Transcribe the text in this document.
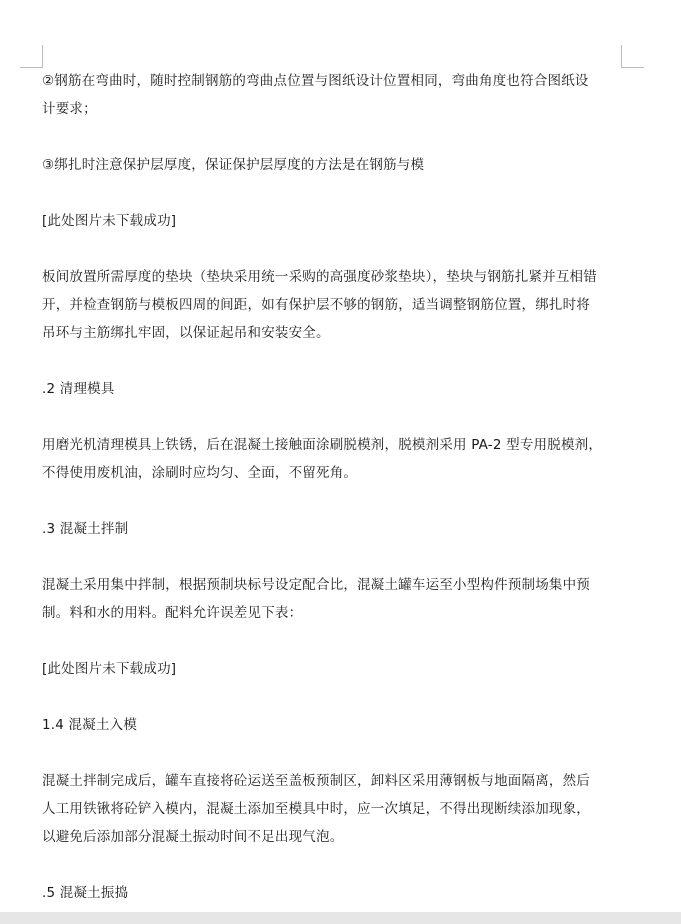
②钢筋在弯曲时，随时控制钢筋的弯曲点位置与图纸设计位置相同，弯曲角度也符合图纸设
计要求；
③绑扎时注意保护层厚度，保证保护层厚度的方法是在钢筋与模
[此处图片未下载成功]
板间放置所需厚度的垫块（垫块采用统一采购的高强度砂浆垫块），垫块与钢筋扎紧并互相错
开，并检查钢筋与模板四周的间距，如有保护层不够的钢筋，适当调整钢筋位置，绑扎时将
吊环与主筋绑扎牢固，以保证起吊和安装安全。
.2 清理模具
用磨光机清理模具上铁锈，后在混凝土接触面涂刷脱模剂，脱模剂采用 PA-2 型专用脱模剂，
不得使用废机油，涂刷时应均匀、全面，不留死角。
.3 混凝土拌制
混凝土采用集中拌制，根据预制块标号设定配合比，混凝土罐车运至小型构件预制场集中预
制。料和水的用料。配料允许误差见下表：
[此处图片未下载成功]
1.4 混凝土入模
混凝土拌制完成后，罐车直接将砼运送至盖板预制区，卸料区采用薄钢板与地面隔离，然后
人工用铁锹将砼铲入模内，混凝土添加至模具中时，应一次填足，不得出现断续添加现象，
以避免后添加部分混凝土振动时间不足出现气泡。
.5 混凝土振捣
